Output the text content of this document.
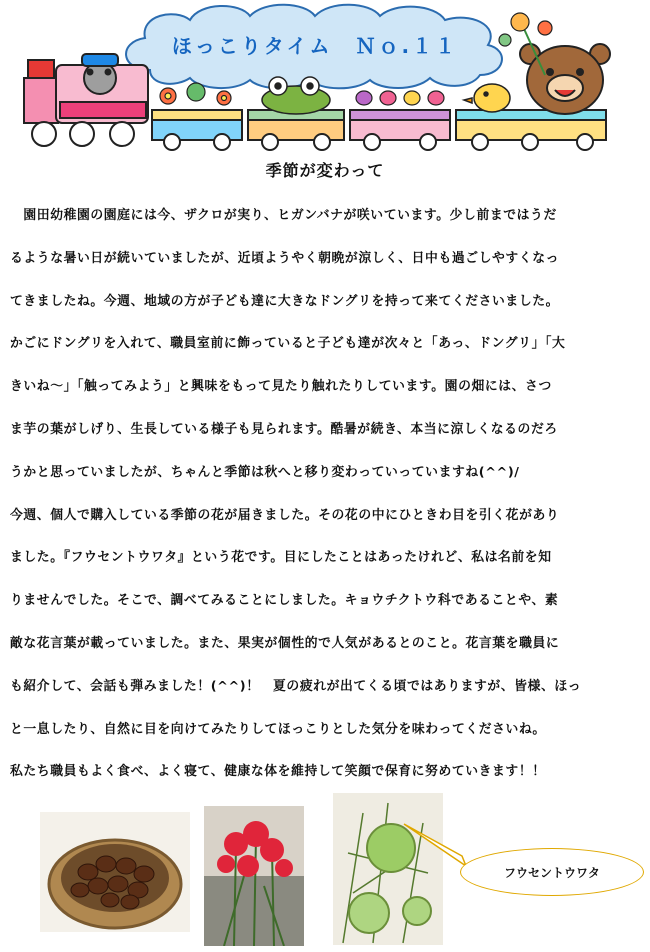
ほっこりタイム　Ｎｏ.１１
季節が変わって
　園田幼稚園の園庭には今、ザクロが実り、ヒガンバナが咲いています。少し前まではうだ
るような暑い日が続いていましたが、近頃ようやく朝晩が涼しく、日中も過ごしやすくなっ
てきましたね。今週、地域の方が子ども達に大きなドングリを持って来てくださいました。
かごにドングリを入れて、職員室前に飾っていると子ども達が次々と「あっ、ドングリ」「大
きいね～」「触ってみよう」と興味をもって見たり触れたりしています。園の畑には、さつ
ま芋の葉がしげり、生長している様子も見られます。酷暑が続き、本当に涼しくなるのだろ
うかと思っていましたが、ちゃんと季節は秋へと移り変わっていっていますね(^^)/
今週、個人で購入している季節の花が届きました。その花の中にひときわ目を引く花があり
ました。『フウセントウワタ』という花です。目にしたことはあったけれど、私は名前を知
りませんでした。そこで、調べてみることにしました。キョウチクトウ科であることや、素
敵な花言葉が載っていました。また、果実が個性的で人気があるとのこと。花言葉を職員に
も紹介して、会話も弾みました！(^^)！　夏の疲れが出てくる頃ではありますが、皆様、ほっ
と一息したり、自然に目を向けてみたりしてほっこりとした気分を味わってくださいね。
私たち職員もよく食べ、よく寝て、健康な体を維持して笑顔で保育に努めていきます！！
フウセントウワタ
